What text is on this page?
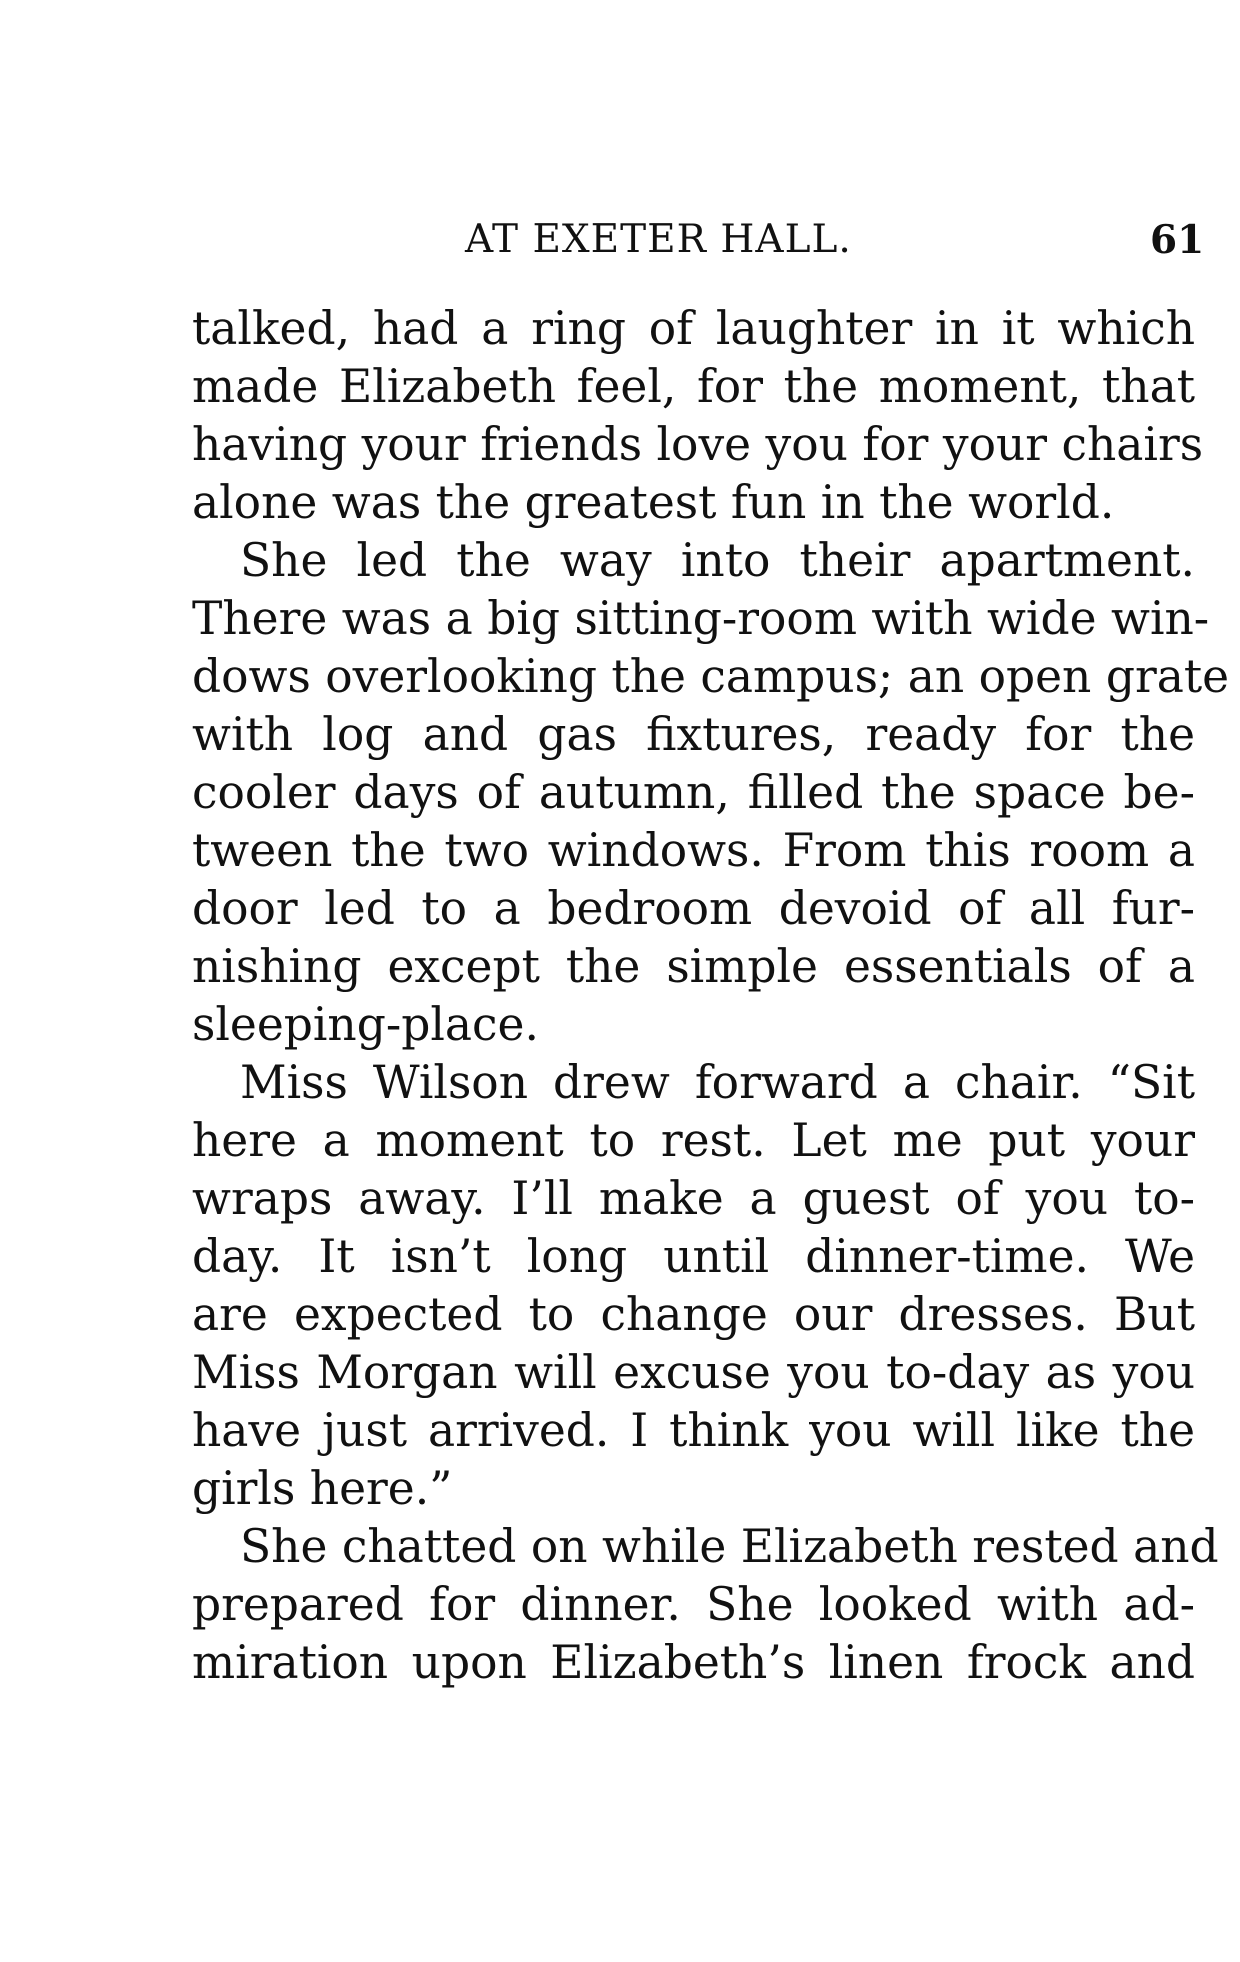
AT EXETER HALL.	61
talked, had a ring of laughter in it which
made Elizabeth feel, for the moment, that
having your friends love you for your chairs
alone was the greatest fun in the world.
She led the way into their apartment.
There was a big sitting-room with wide win-
dows overlooking the campus; an open grate
with log and gas fixtures, ready for the
cooler days of autumn, filled the space be-
tween the two windows. From this room a
door led to a bedroom devoid of all fur-
nishing except the simple essentials of a
sleeping-place.
Miss Wilson drew forward a chair. “Sit
here a moment to rest. Let me put your
wraps away. I’ll make a guest of you to-
day. It isn’t long until dinner-time. We
are expected to change our dresses. But
Miss Morgan will excuse you to-day as you
have just arrived. I think you will like the
girls here.”
She chatted on while Elizabeth rested and
prepared for dinner. She looked with ad-
miration upon Elizabeth’s linen frock and
